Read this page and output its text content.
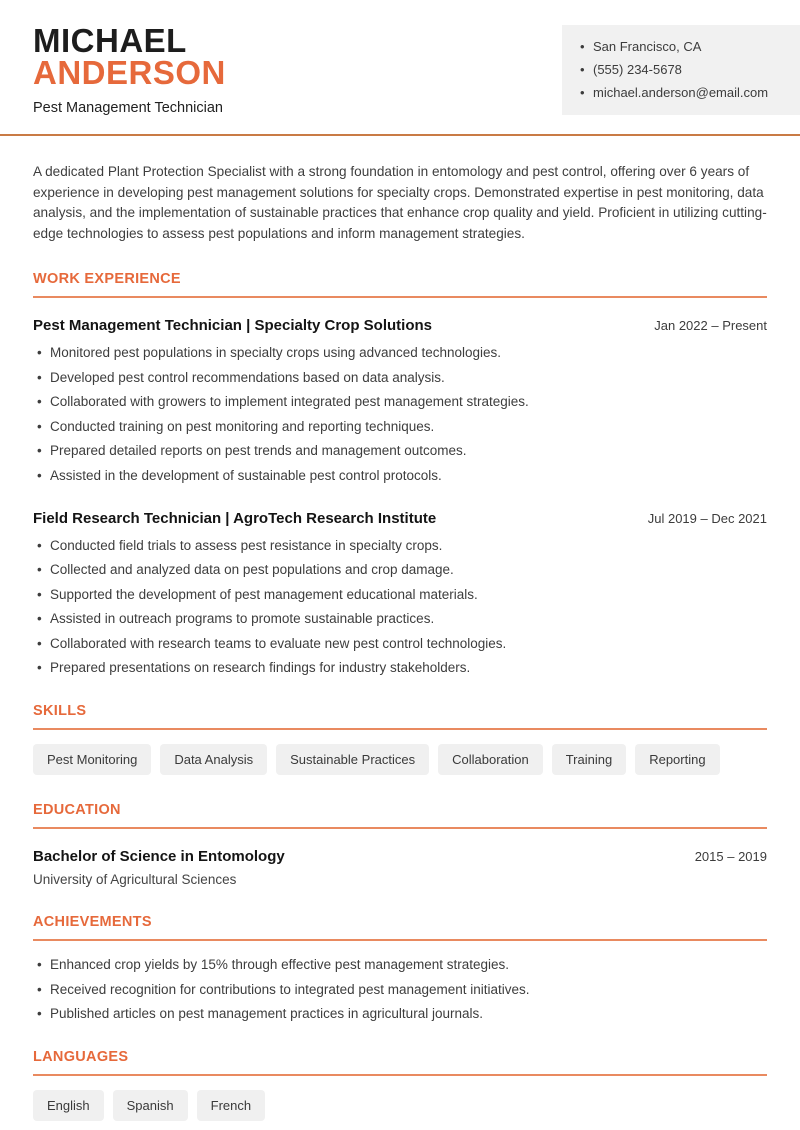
MICHAEL
ANDERSON
Pest Management Technician
• San Francisco, CA
• (555) 234-5678
• michael.anderson@email.com

A dedicated Plant Protection Specialist with a strong foundation in entomology and pest control, offering over 6 years of experience in developing pest management solutions for specialty crops. Demonstrated expertise in pest monitoring, data analysis, and the implementation of sustainable practices that enhance crop quality and yield. Proficient in utilizing cutting-edge technologies to assess pest populations and inform management strategies.

WORK EXPERIENCE
Pest Management Technician | Specialty Crop Solutions	Jan 2022 – Present
• Monitored pest populations in specialty crops using advanced technologies.
• Developed pest control recommendations based on data analysis.
• Collaborated with growers to implement integrated pest management strategies.
• Conducted training on pest monitoring and reporting techniques.
• Prepared detailed reports on pest trends and management outcomes.
• Assisted in the development of sustainable pest control protocols.
Field Research Technician | AgroTech Research Institute	Jul 2019 – Dec 2021
• Conducted field trials to assess pest resistance in specialty crops.
• Collected and analyzed data on pest populations and crop damage.
• Supported the development of pest management educational materials.
• Assisted in outreach programs to promote sustainable practices.
• Collaborated with research teams to evaluate new pest control technologies.
• Prepared presentations on research findings for industry stakeholders.
SKILLS
Pest Monitoring	Data Analysis	Sustainable Practices	Collaboration	Training	Reporting
EDUCATION
Bachelor of Science in Entomology	2015 – 2019
University of Agricultural Sciences
ACHIEVEMENTS
• Enhanced crop yields by 15% through effective pest management strategies.
• Received recognition for contributions to integrated pest management initiatives.
• Published articles on pest management practices in agricultural journals.
LANGUAGES
English	Spanish	French
